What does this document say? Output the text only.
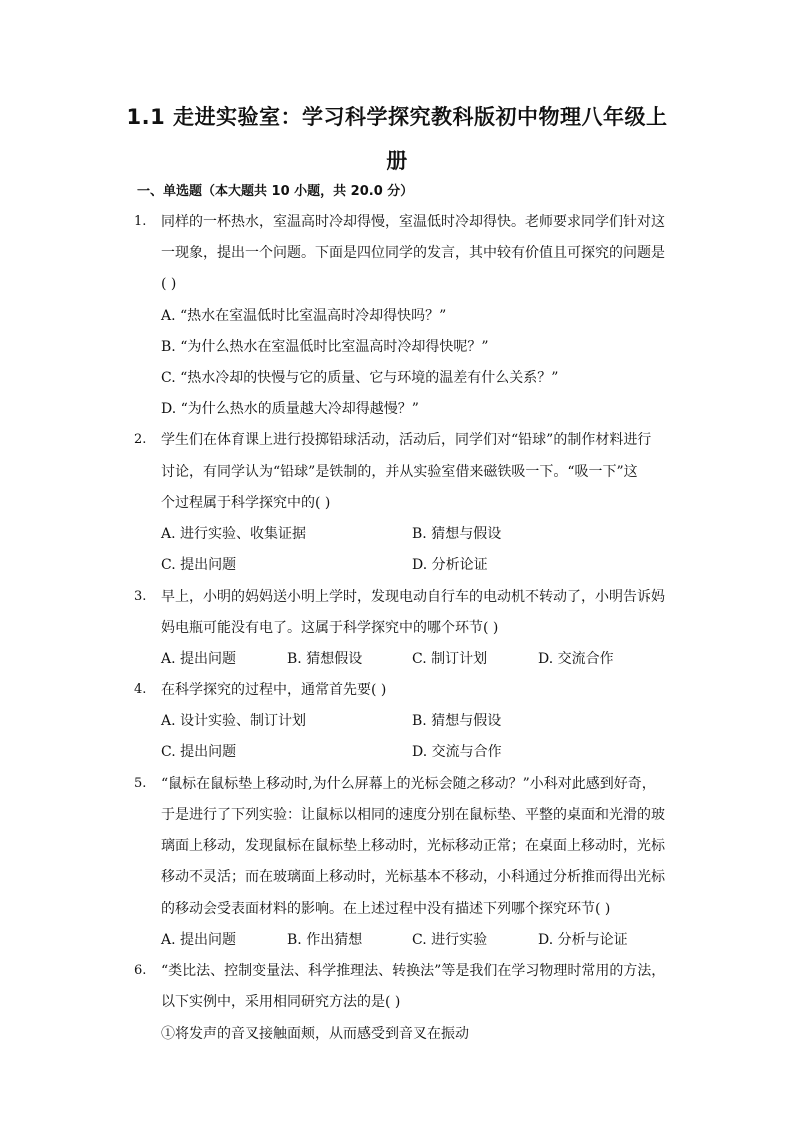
1.1 走进实验室：学习科学探究教科版初中物理八年级上
册
一、单选题（本大题共 10 小题，共 20.0 分）
1. 同样的一杯热水，室温高时冷却得慢，室温低时冷却得快。老师要求同学们针对这
一现象，提出一个问题。下面是四位同学的发言，其中较有价值且可探究的问题是
( )
A. “热水在室温低时比室温高时冷却得快吗？”
B. “为什么热水在室温低时比室温高时冷却得快呢？”
C. “热水冷却的快慢与它的质量、它与环境的温差有什么关系？”
D. “为什么热水的质量越大冷却得越慢？”
2. 学生们在体育课上进行投掷铅球活动，活动后，同学们对“铅球”的制作材料进行
讨论，有同学认为“铅球”是铁制的，并从实验室借来磁铁吸一下。“吸一下”这
个过程属于科学探究中的( )
A. 进行实验、收集证据	B. 猜想与假设
C. 提出问题	D. 分析论证
3. 早上，小明的妈妈送小明上学时，发现电动自行车的电动机不转动了，小明告诉妈
妈电瓶可能没有电了。这属于科学探究中的哪个环节( )
A. 提出问题	B. 猜想假设	C. 制订计划	D. 交流合作
4. 在科学探究的过程中，通常首先要( )
A. 设计实验、制订计划	B. 猜想与假设
C. 提出问题	D. 交流与合作
5. “鼠标在鼠标垫上移动时,为什么屏幕上的光标会随之移动？”小科对此感到好奇，
于是进行了下列实验：让鼠标以相同的速度分别在鼠标垫、平整的桌面和光滑的玻
璃面上移动，发现鼠标在鼠标垫上移动时，光标移动正常；在桌面上移动时，光标
移动不灵活；而在玻璃面上移动时，光标基本不移动，小科通过分析推而得出光标
的移动会受表面材料的影响。在上述过程中没有描述下列哪个探究环节( )
A. 提出问题	B. 作出猜想	C. 进行实验	D. 分析与论证
6. “类比法、控制变量法、科学推理法、转换法”等是我们在学习物理时常用的方法，
以下实例中，采用相同研究方法的是( )
①将发声的音叉接触面颊，从而感受到音叉在振动
